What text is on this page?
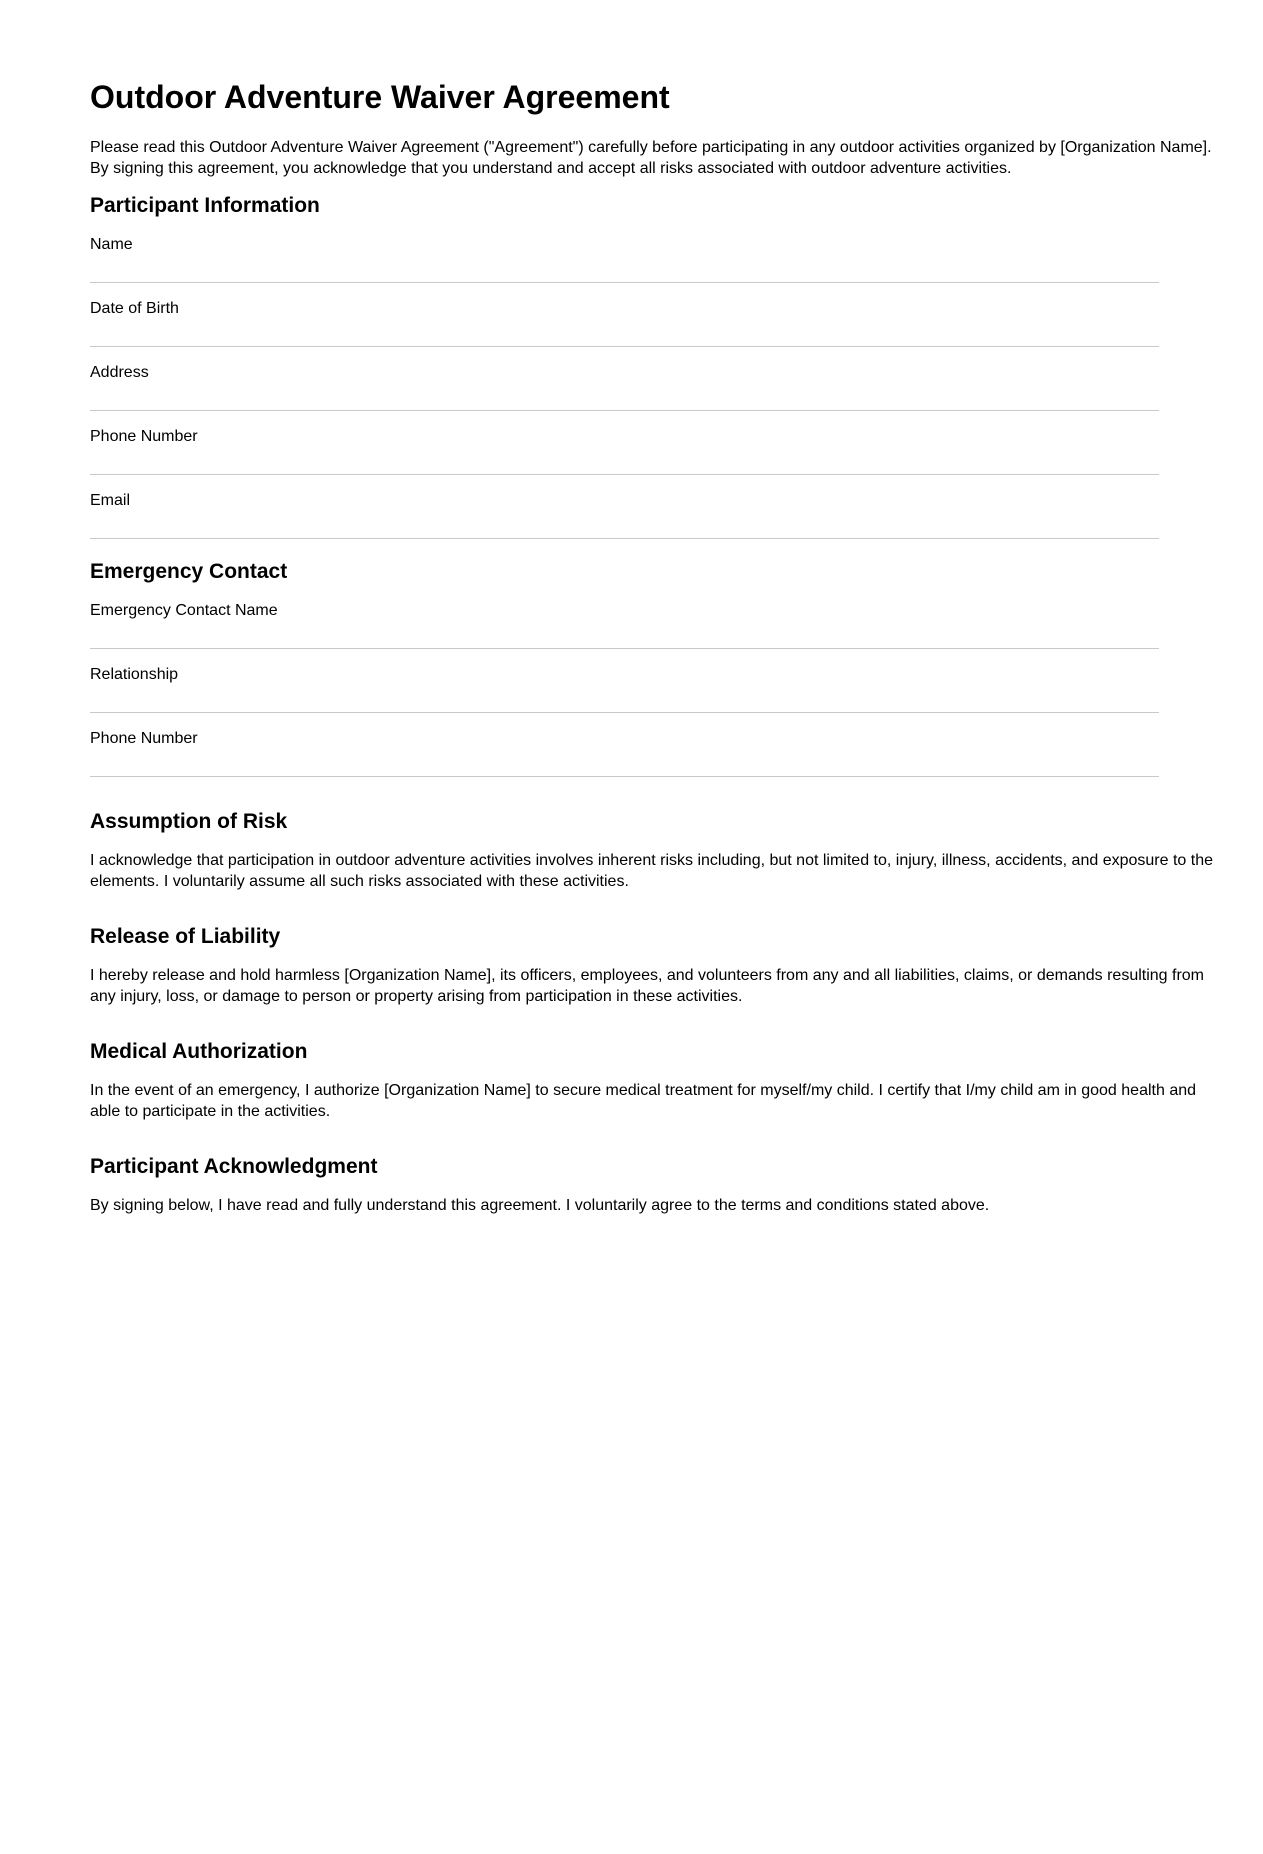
Outdoor Adventure Waiver Agreement

Please read this Outdoor Adventure Waiver Agreement ("Agreement") carefully before participating in any outdoor activities organized by [Organization Name]. By signing this agreement, you acknowledge that you understand and accept all risks associated with outdoor adventure activities.

Participant Information
Name
Date of Birth
Address
Phone Number
Email
Emergency Contact
Emergency Contact Name
Relationship
Phone Number
Assumption of Risk

I acknowledge that participation in outdoor adventure activities involves inherent risks including, but not limited to, injury, illness, accidents, and exposure to the elements. I voluntarily assume all such risks associated with these activities.

Release of Liability

I hereby release and hold harmless [Organization Name], its officers, employees, and volunteers from any and all liabilities, claims, or demands resulting from any injury, loss, or damage to person or property arising from participation in these activities.

Medical Authorization

In the event of an emergency, I authorize [Organization Name] to secure medical treatment for myself/my child. I certify that I/my child am in good health and able to participate in the activities.

Participant Acknowledgment

By signing below, I have read and fully understand this agreement. I voluntarily agree to the terms and conditions stated above.
